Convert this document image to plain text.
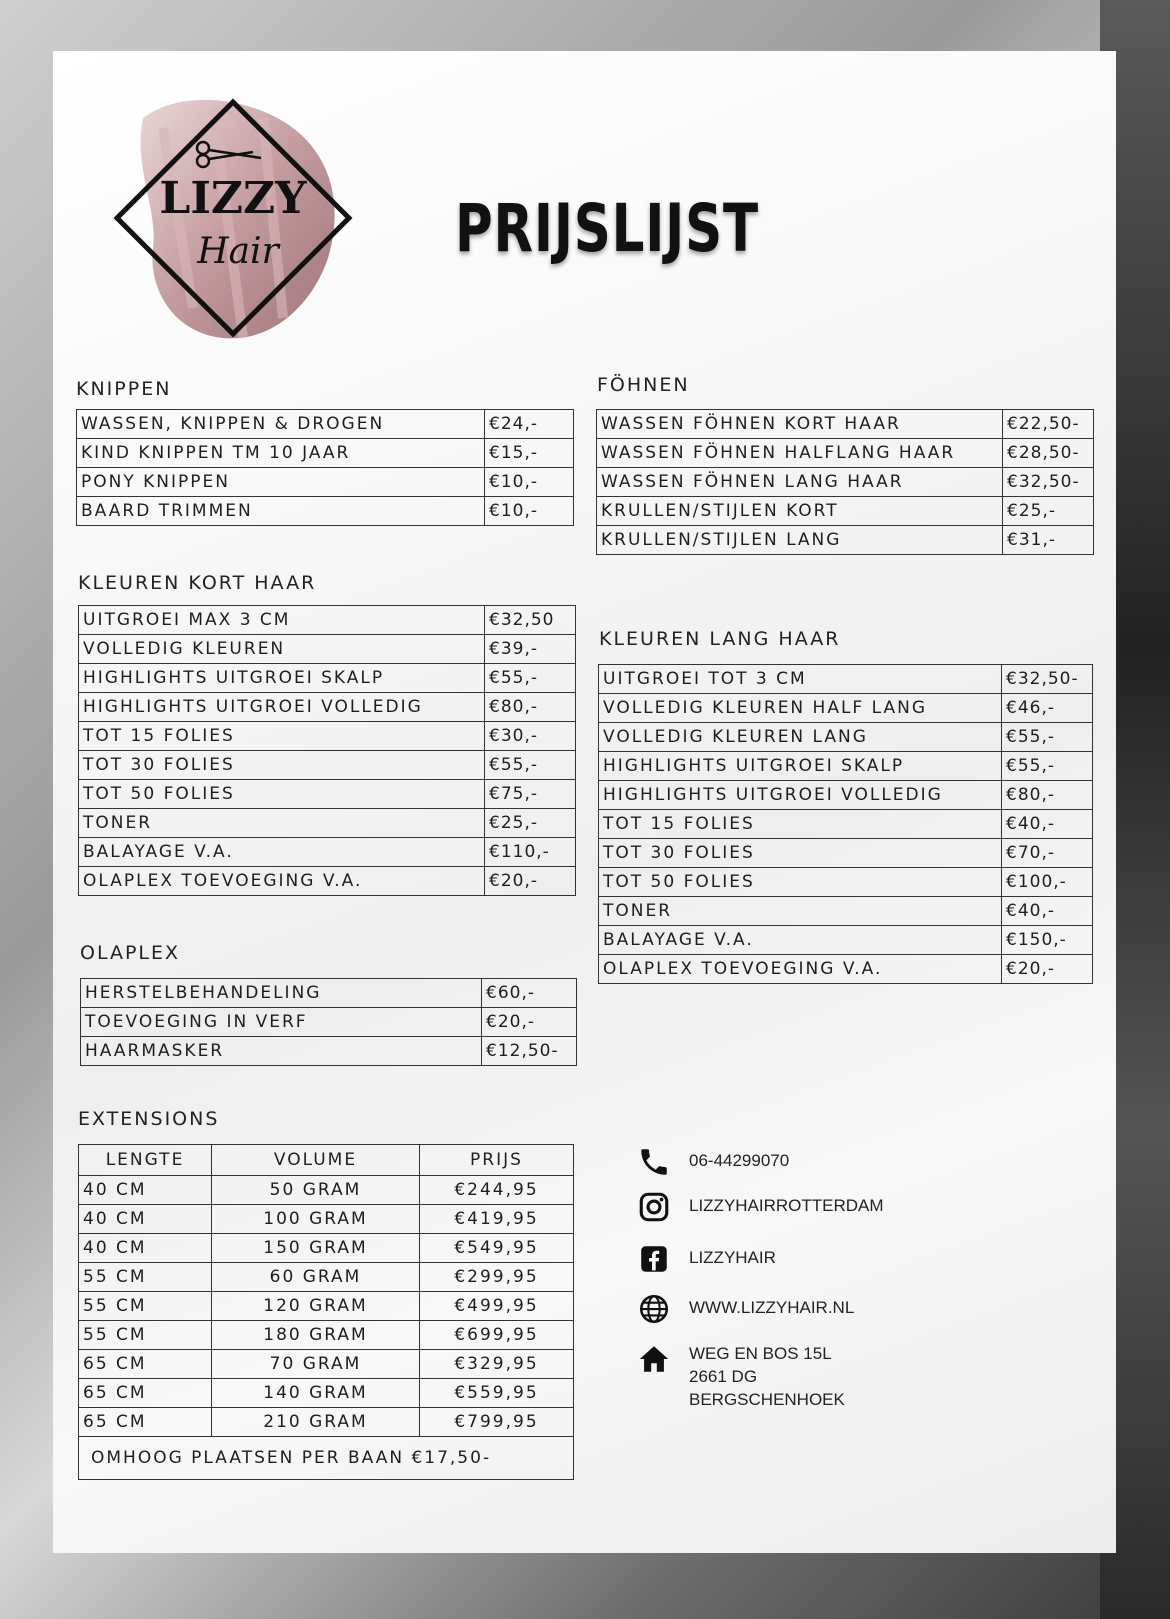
LIZZY
Hair	PRIJSLIJST
KNIPPEN
WASSEN, KNIPPEN & DROGEN	€24,-
KIND KNIPPEN TM 10 JAAR	€15,-
PONY KNIPPEN	€10,-
BAARD TRIMMEN	€10,-
FÖHNEN
WASSEN FÖHNEN KORT HAAR	€22,50-
WASSEN FÖHNEN HALFLANG HAAR	€28,50-
WASSEN FÖHNEN LANG HAAR	€32,50-
KRULLEN/STIJLEN KORT	€25,-
KRULLEN/STIJLEN LANG	€31,-
KLEUREN KORT HAAR
UITGROEI MAX 3 CM	€32,50
VOLLEDIG KLEUREN	€39,-
HIGHLIGHTS UITGROEI SKALP	€55,-
HIGHLIGHTS UITGROEI VOLLEDIG	€80,-
TOT 15 FOLIES	€30,-
TOT 30 FOLIES	€55,-
TOT 50 FOLIES	€75,-
TONER	€25,-
BALAYAGE V.A.	€110,-
OLAPLEX TOEVOEGING V.A.	€20,-
KLEUREN LANG HAAR
UITGROEI TOT 3 CM	€32,50-
VOLLEDIG KLEUREN HALF LANG	€46,-
VOLLEDIG KLEUREN LANG	€55,-
HIGHLIGHTS UITGROEI SKALP	€55,-
HIGHLIGHTS UITGROEI VOLLEDIG	€80,-
TOT 15 FOLIES	€40,-
TOT 30 FOLIES	€70,-
TOT 50 FOLIES	€100,-
TONER	€40,-
BALAYAGE V.A.	€150,-
OLAPLEX TOEVOEGING V.A.	€20,-
OLAPLEX
HERSTELBEHANDELING	€60,-
TOEVOEGING IN VERF	€20,-
HAARMASKER	€12,50-
EXTENSIONS
LENGTE	VOLUME	PRIJS
40 CM	50 GRAM	€244,95
40 CM	100 GRAM	€419,95
40 CM	150 GRAM	€549,95
55 CM	60 GRAM	€299,95
55 CM	120 GRAM	€499,95
55 CM	180 GRAM	€699,95
65 CM	70 GRAM	€329,95
65 CM	140 GRAM	€559,95
65 CM	210 GRAM	€799,95
OMHOOG PLAATSEN PER BAAN €17,50-		
06-44299070
LIZZYHAIRROTTERDAM
LIZZYHAIR
WWW.LIZZYHAIR.NL
WEG EN BOS 15L
2661 DG
BERGSCHENHOEK
